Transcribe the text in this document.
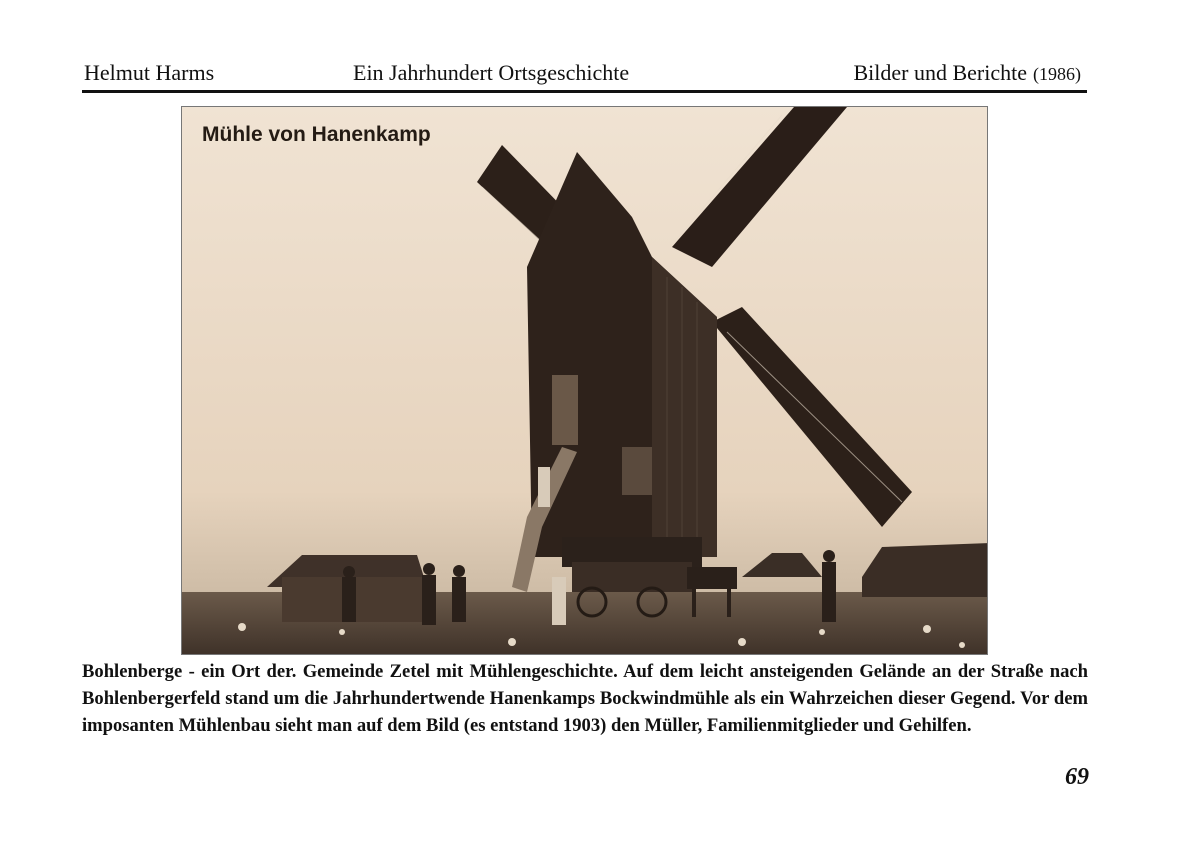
Helmut Harms	Ein Jahrhundert Ortsgeschichte	Bilder und Berichte (1986)
Mühle von Hanenkamp
Bohlenberge - ein Ort der. Gemeinde Zetel mit Mühlengeschichte. Auf dem leicht ansteigenden Gelände an der Straße nach Bohlenbergerfeld stand um die Jahrhundertwende Hanenkamps Bockwindmühle als ein Wahrzeichen dieser Gegend. Vor dem imposanten Mühlenbau sieht man auf dem Bild (es entstand 1903) den Müller, Familienmitglieder und Gehilfen.
69
